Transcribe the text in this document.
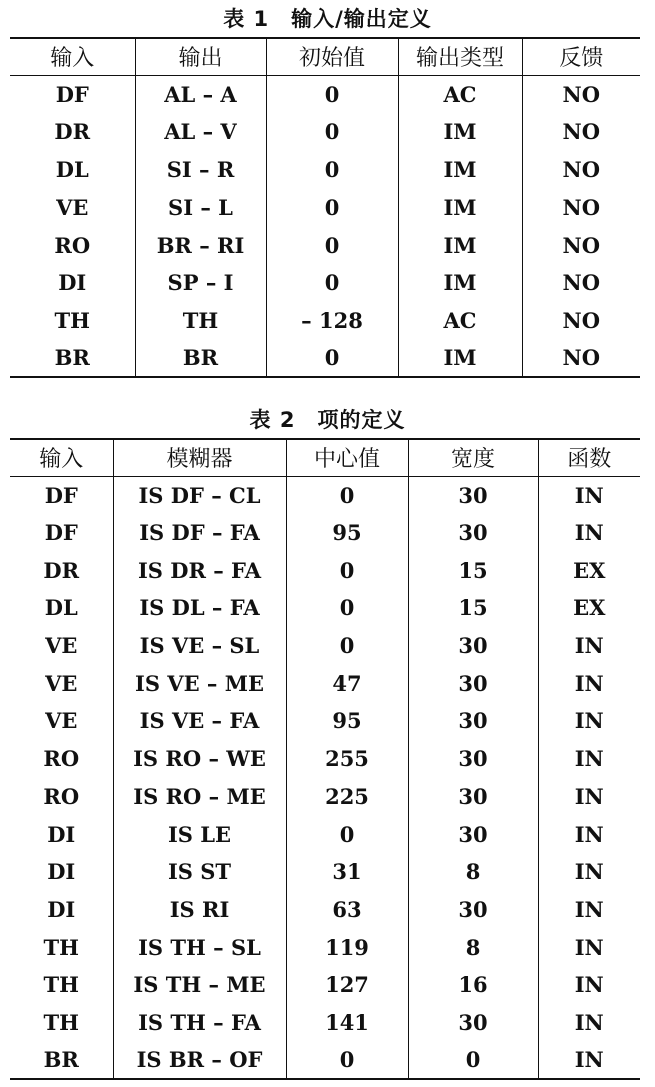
表 1　输入/输出定义
输入	输出	初始值	输出类型	反馈
DF	AL – A	0	AC	NO
DR	AL – V	0	IM	NO
DL	SI – R	0	IM	NO
VE	SI – L	0	IM	NO
RO	BR – RI	0	IM	NO
DI	SP – I	0	IM	NO
TH	TH	– 128	AC	NO
BR	BR	0	IM	NO
表 2　项的定义
输入	模糊器	中心值	宽度	函数
DF	IS DF – CL	0	30	IN
DF	IS DF – FA	95	30	IN
DR	IS DR – FA	0	15	EX
DL	IS DL – FA	0	15	EX
VE	IS VE – SL	0	30	IN
VE	IS VE – ME	47	30	IN
VE	IS VE – FA	95	30	IN
RO	IS RO – WE	255	30	IN
RO	IS RO – ME	225	30	IN
DI	IS LE	0	30	IN
DI	IS ST	31	8	IN
DI	IS RI	63	30	IN
TH	IS TH – SL	119	8	IN
TH	IS TH – ME	127	16	IN
TH	IS TH – FA	141	30	IN
BR	IS BR – OF	0	0	IN
